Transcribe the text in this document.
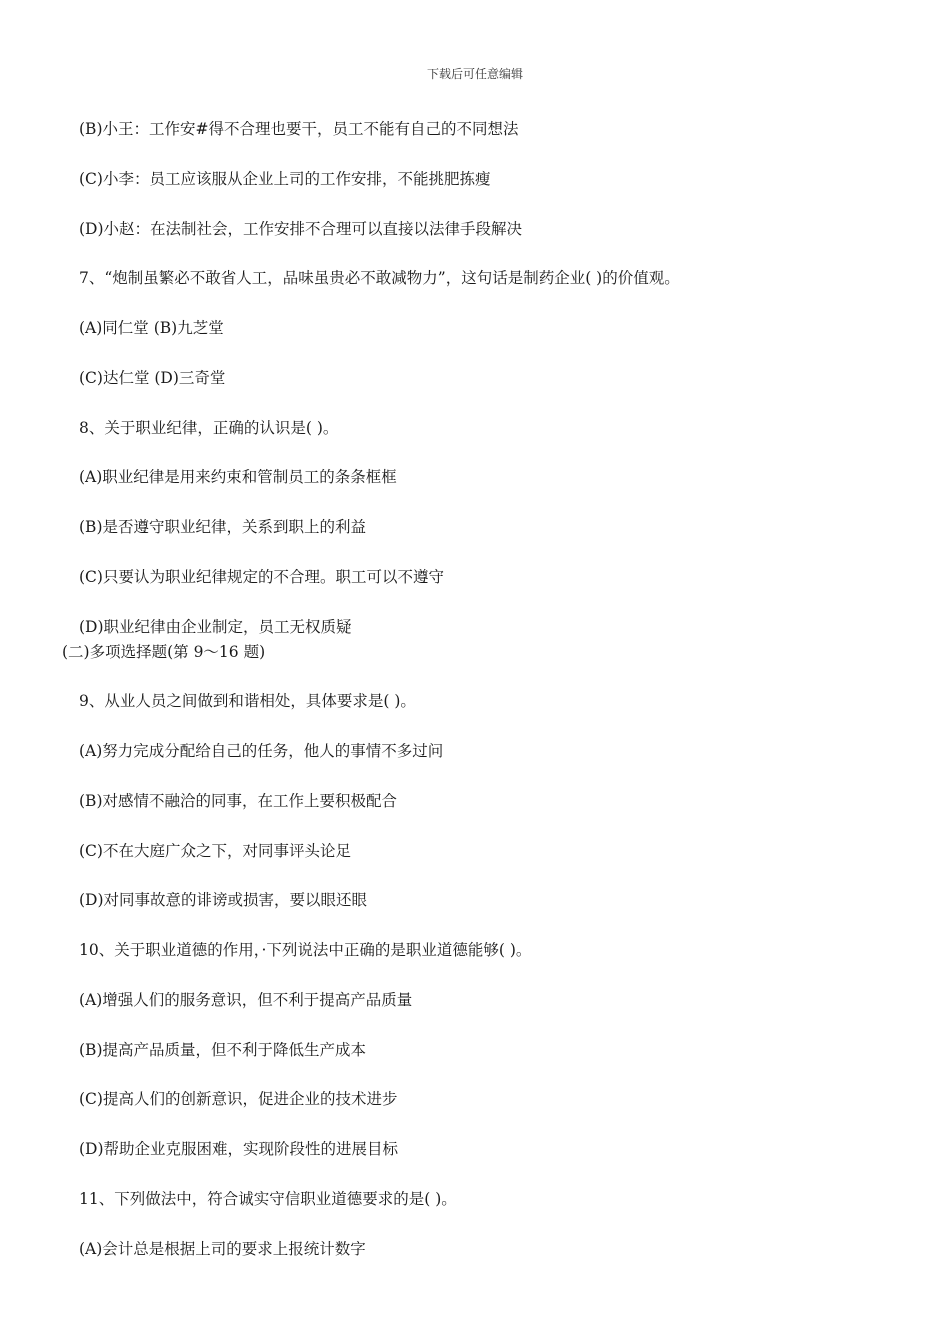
下载后可任意编辑
(B)小王：工作安#得不合理也要干，员工不能有自己的不同想法
(C)小李：员工应该服从企业上司的工作安排，不能挑肥拣瘦
(D)小赵：在法制社会，工作安排不合理可以直接以法律手段解决
7、“炮制虽繁必不敢省人工，品味虽贵必不敢减物力”，这句话是制药企业( )的价值观。
(A)同仁堂 (B)九芝堂
(C)达仁堂 (D)三奇堂
8、关于职业纪律，正确的认识是( )。
(A)职业纪律是用来约束和管制员工的条条框框
(B)是否遵守职业纪律，关系到职上的利益
(C)只要认为职业纪律规定的不合理。职工可以不遵守
(D)职业纪律由企业制定，员工无权质疑
(二)多项选择题(第 9～16 题)
9、从业人员之间做到和谐相处，具体要求是( )。
(A)努力完成分配给自己的任务，他人的事情不多过问
(B)对感情不融洽的同事，在工作上要积极配合
(C)不在大庭广众之下，对同事评头论足
(D)对同事故意的诽谤或损害，要以眼还眼
10、关于职业道德的作用，·下列说法中正确的是职业道德能够( )。
(A)增强人们的服务意识，但不利于提高产品质量
(B)提高产品质量，但不利于降低生产成本
(C)提高人们的创新意识，促进企业的技术进步
(D)帮助企业克服困难，实现阶段性的进展目标
11、下列做法中，符合诚实守信职业道德要求的是( )。
(A)会计总是根据上司的要求上报统计数字
